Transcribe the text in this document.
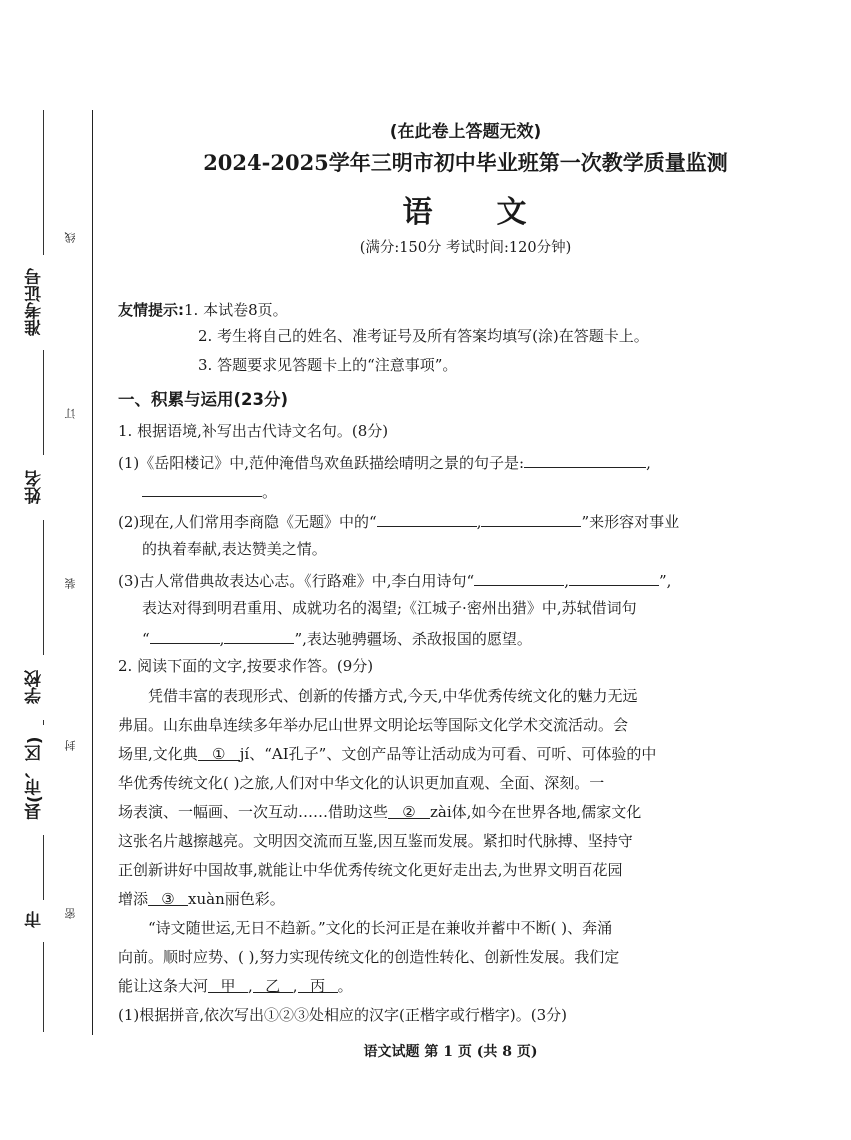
准考证号
姓名
学校
县(市、区)
市
线
订
装
封
密
(在此卷上答题无效)
2024-2025学年三明市初中毕业班第一次教学质量监测
语 文
(满分:150分 考试时间:120分钟)
友情提示:1. 本试卷8页。
2. 考生将自己的姓名、准考证号及所有答案均填写(涂)在答题卡上。
3. 答题要求见答题卡上的“注意事项”。
一、积累与运用(23分)
1. 根据语境,补写出古代诗文名句。(8分)
(1)《岳阳楼记》中,范仲淹借鸟欢鱼跃描绘晴明之景的句子是:	,
。
(2)现在,人们常用李商隐《无题》中的“	,	”来形容对事业
的执着奉献,表达赞美之情。
(3)古人常借典故表达心志。《行路难》中,李白用诗句“	,	”,
表达对得到明君重用、成就功名的渴望;《江城子·密州出猎》中,苏轼借词句
“	,	”,表达驰骋疆场、杀敌报国的愿望。
2. 阅读下面的文字,按要求作答。(9分)
凭借丰富的表现形式、创新的传播方式,今天,中华优秀传统文化的魅力无远
弗届。山东曲阜连续多年举办尼山世界文明论坛等国际文化学术交流活动。会
场里,文化典 ① jí、“AI孔子”、文创产品等让活动成为可看、可听、可体验的中
华优秀传统文化( )之旅,人们对中华文化的认识更加直观、全面、深刻。一
场表演、一幅画、一次互动……借助这些 ② zài体,如今在世界各地,儒家文化
这张名片越擦越亮。文明因交流而互鉴,因互鉴而发展。紧扣时代脉搏、坚持守
正创新讲好中国故事,就能让中华优秀传统文化更好走出去,为世界文明百花园
增添 ③ xuàn丽色彩。
“诗文随世运,无日不趋新。”文化的长河正是在兼收并蓄中不断( )、奔涌
向前。顺时应势、( ),努力实现传统文化的创造性转化、创新性发展。我们定
能让这条大河 甲 , 乙 , 丙 。
(1)根据拼音,依次写出①②③处相应的汉字(正楷字或行楷字)。(3分)
语文试题 第 1 页 (共 8 页)
